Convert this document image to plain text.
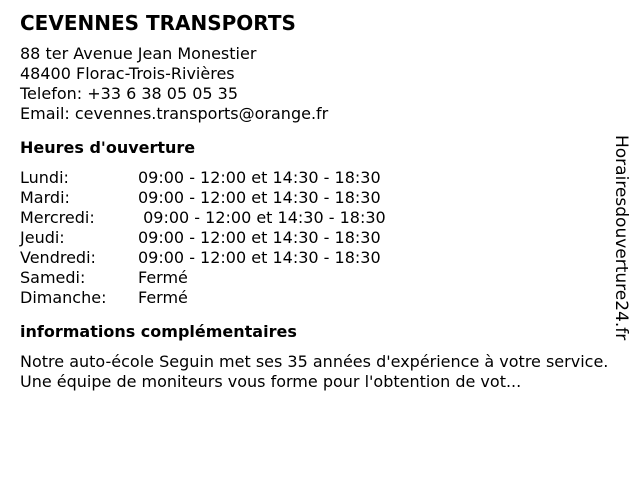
CEVENNES TRANSPORTS
88 ter Avenue Jean Monestier
48400 Florac-Trois-Rivières
Telefon: +33 6 38 05 05 35
Email: cevennes.transports@orange.fr
Heures d'ouverture
Lundi:	09:00 - 12:00 et 14:30 - 18:30
Mardi:	09:00 - 12:00 et 14:30 - 18:30
Mercredi:	09:00 - 12:00 et 14:30 - 18:30
Jeudi:	09:00 - 12:00 et 14:30 - 18:30
Vendredi:	09:00 - 12:00 et 14:30 - 18:30
Samedi:	Fermé
Dimanche:	Fermé
informations complémentaires
Notre auto-école Seguin met ses 35 années d'expérience à votre service. Une équipe de moniteurs vous forme pour l'obtention de vot...
Horairesdouverture24.fr
